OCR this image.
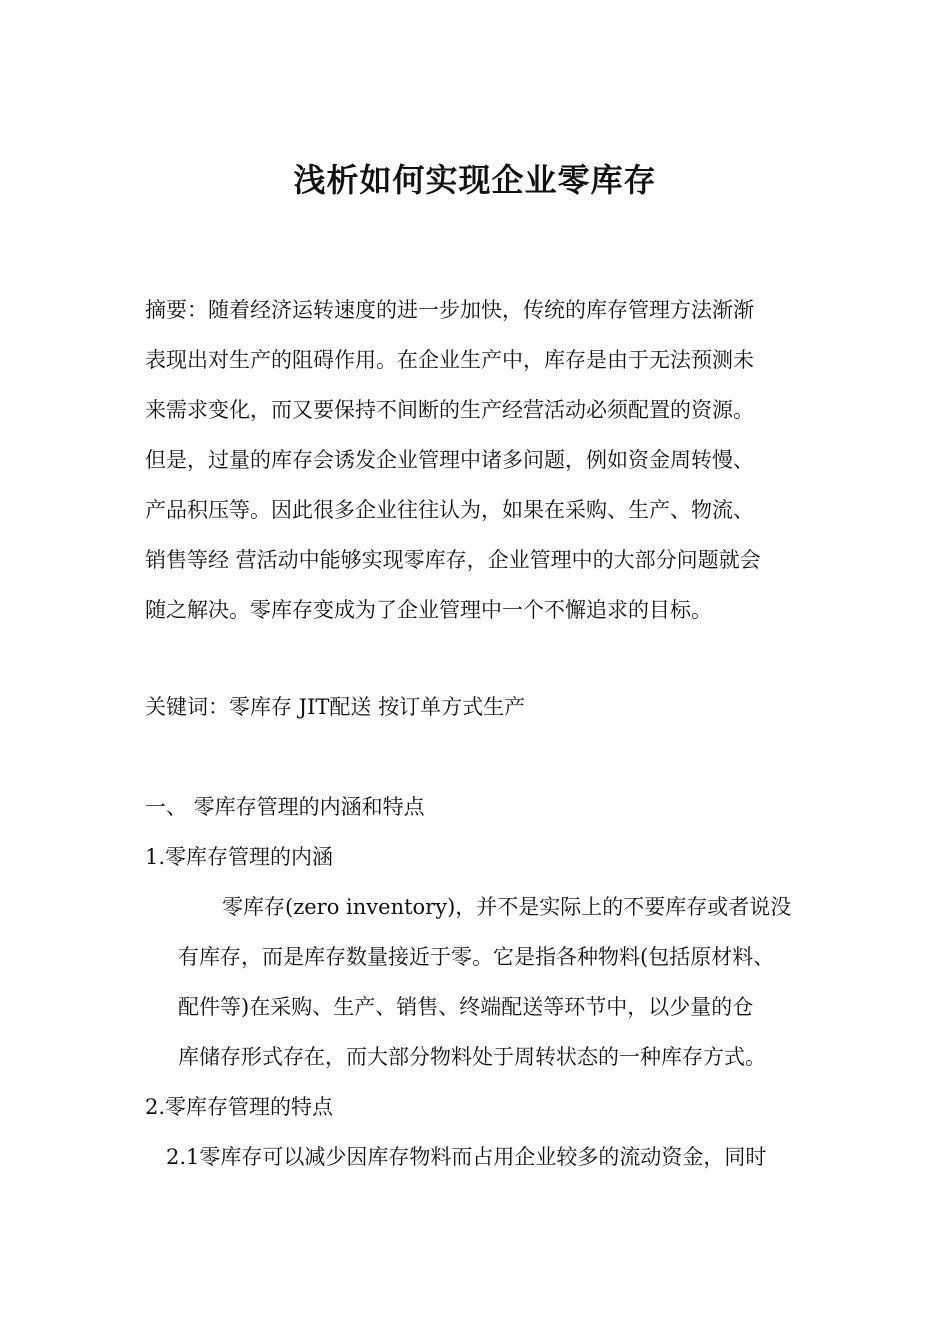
浅析如何实现企业零库存
摘要：随着经济运转速度的进一步加快，传统的库存管理方法渐渐
表现出对生产的阻碍作用。在企业生产中，库存是由于无法预测未
来需求变化，而又要保持不间断的生产经营活动必须配置的资源。
但是，过量的库存会诱发企业管理中诸多问题，例如资金周转慢、
产品积压等。因此很多企业往往认为，如果在采购、生产、物流、
销售等经 营活动中能够实现零库存，企业管理中的大部分问题就会
随之解决。零库存变成为了企业管理中一个不懈追求的目标。
关键词：零库存 JIT配送 按订单方式生产
一、 零库存管理的内涵和特点
1.零库存管理的内涵
零库存(zero inventory)，并不是实际上的不要库存或者说没
有库存，而是库存数量接近于零。它是指各种物料(包括原材料、
配件等)在采购、生产、销售、终端配送等环节中，以少量的仓
库储存形式存在，而大部分物料处于周转状态的一种库存方式。
2.零库存管理的特点
2.1零库存可以减少因库存物料而占用企业较多的流动资金，同时
